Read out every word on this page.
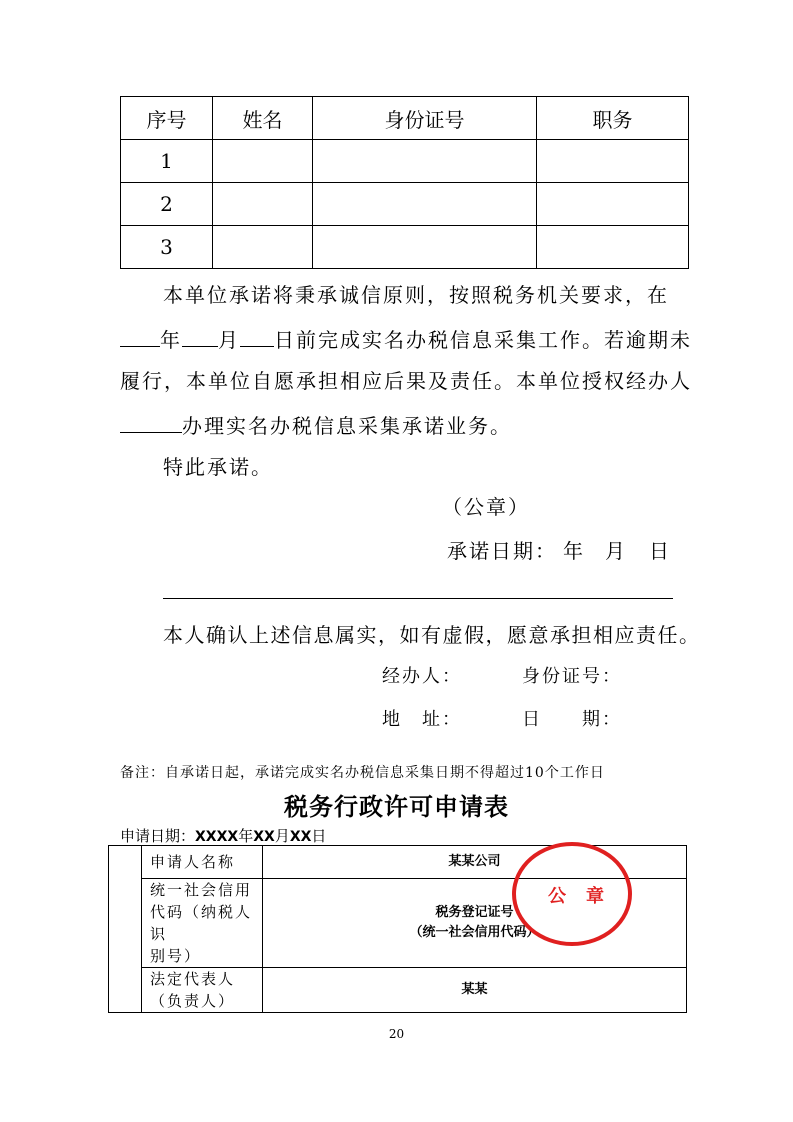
序号	姓名	身份证号	职务
1			
2			
3			
本单位承诺将秉承诚信原则，按照税务机关要求，在
年 月 日前完成实名办税信息采集工作。若逾期未
履行，本单位自愿承担相应后果及责任。本单位授权经办人
办理实名办税信息采集承诺业务。
特此承诺。
（公章）
承诺日期： 年 月 日
本人确认上述信息属实，如有虚假，愿意承担相应责任。
经办人：	身份证号：
地　址：	日　　期：
备注：自承诺日起，承诺完成实名办税信息采集日期不得超过10个工作日
税务行政许可申请表
申请日期：XXXX年XX月XX日
	申请人名称	某某公司

	统一社会信用
代码（纳税人识
别号）	税务登记证号
（统一社会信用代码）

	法定代表人
（负责人）	某某
公章
20
